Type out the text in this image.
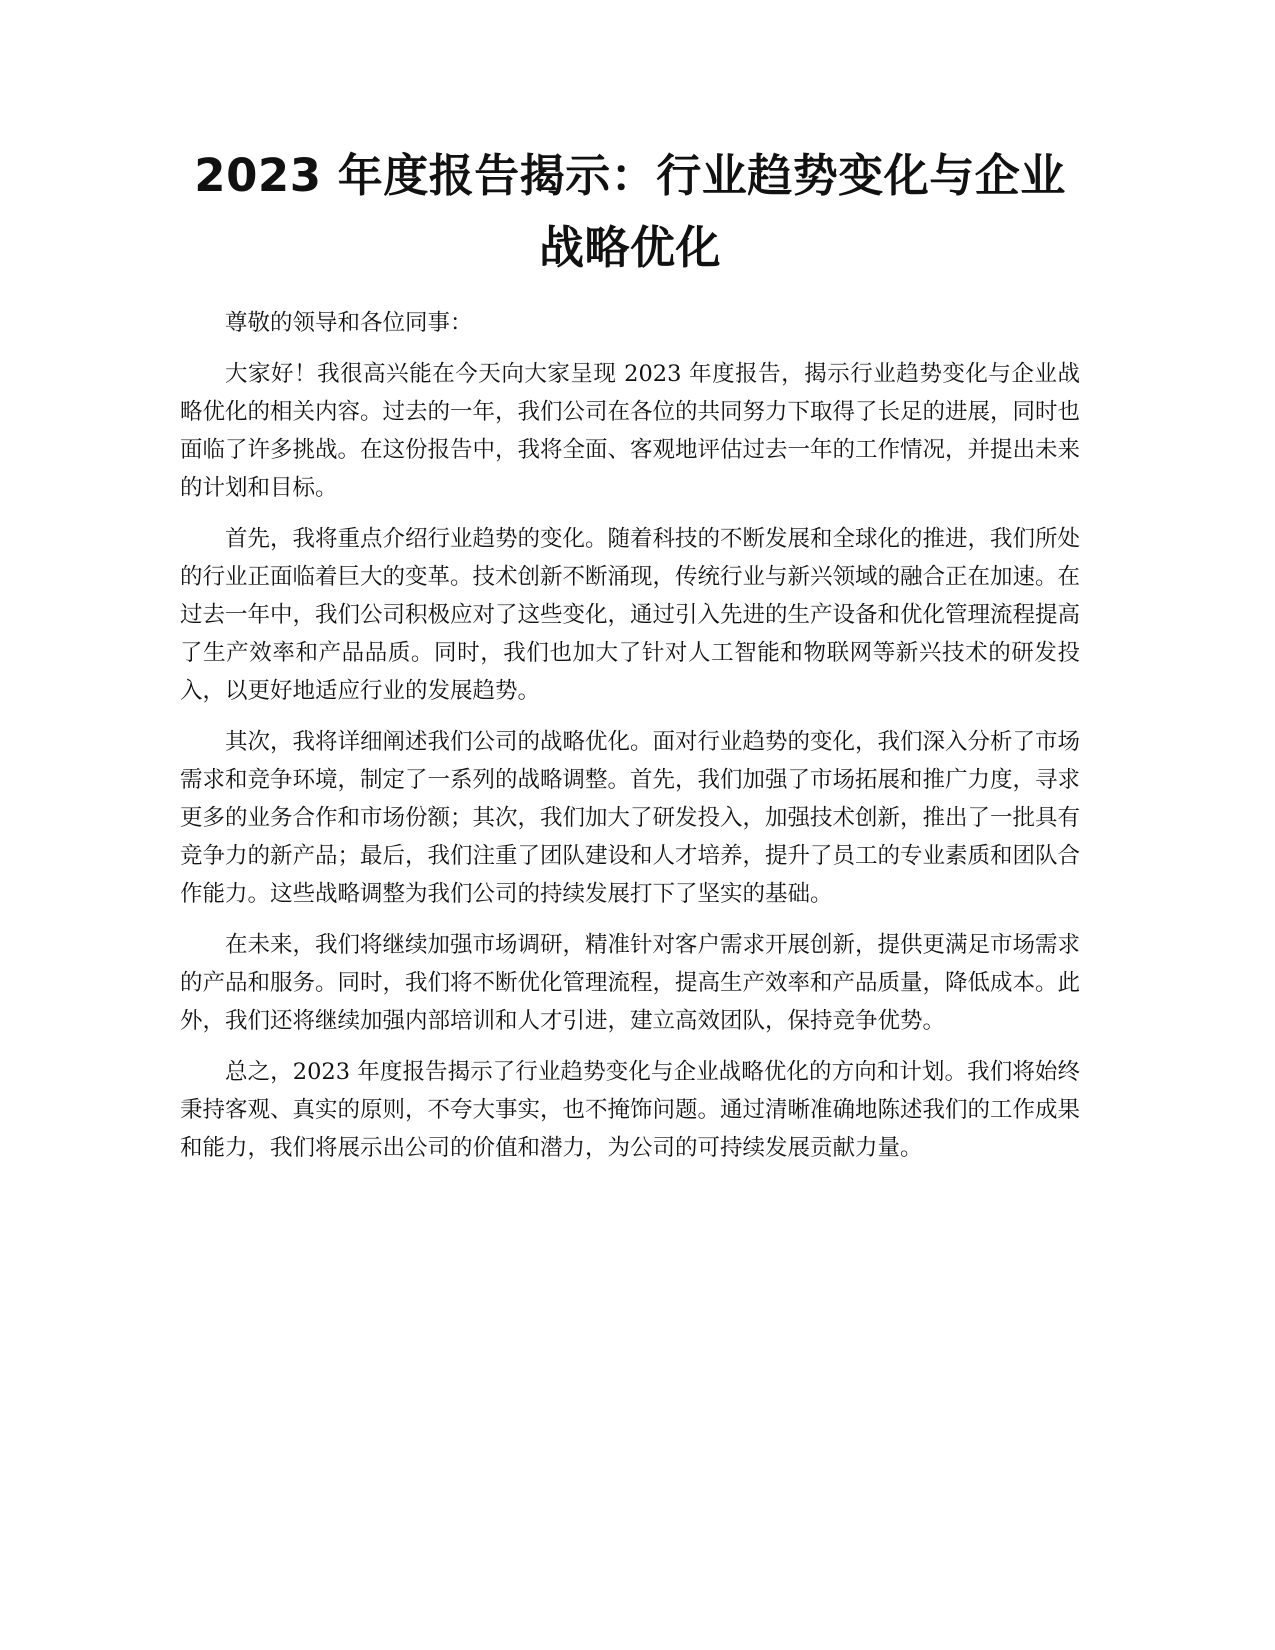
2023 年度报告揭示：行业趋势变化与企业战略优化

尊敬的领导和各位同事：

大家好！我很高兴能在今天向大家呈现 2023 年度报告，揭示行业趋势变化与企业战略优化的相关内容。过去的一年，我们公司在各位的共同努力下取得了长足的进展，同时也面临了许多挑战。在这份报告中，我将全面、客观地评估过去一年的工作情况，并提出未来的计划和目标。

首先，我将重点介绍行业趋势的变化。随着科技的不断发展和全球化的推进，我们所处的行业正面临着巨大的变革。技术创新不断涌现，传统行业与新兴领域的融合正在加速。在过去一年中，我们公司积极应对了这些变化，通过引入先进的生产设备和优化管理流程提高了生产效率和产品品质。同时，我们也加大了针对人工智能和物联网等新兴技术的研发投入，以更好地适应行业的发展趋势。

其次，我将详细阐述我们公司的战略优化。面对行业趋势的变化，我们深入分析了市场需求和竞争环境，制定了一系列的战略调整。首先，我们加强了市场拓展和推广力度，寻求更多的业务合作和市场份额；其次，我们加大了研发投入，加强技术创新，推出了一批具有竞争力的新产品；最后，我们注重了团队建设和人才培养，提升了员工的专业素质和团队合作能力。这些战略调整为我们公司的持续发展打下了坚实的基础。

在未来，我们将继续加强市场调研，精准针对客户需求开展创新，提供更满足市场需求的产品和服务。同时，我们将不断优化管理流程，提高生产效率和产品质量，降低成本。此外，我们还将继续加强内部培训和人才引进，建立高效团队，保持竞争优势。

总之，2023 年度报告揭示了行业趋势变化与企业战略优化的方向和计划。我们将始终秉持客观、真实的原则，不夸大事实，也不掩饰问题。通过清晰准确地陈述我们的工作成果和能力，我们将展示出公司的价值和潜力，为公司的可持续发展贡献力量。
